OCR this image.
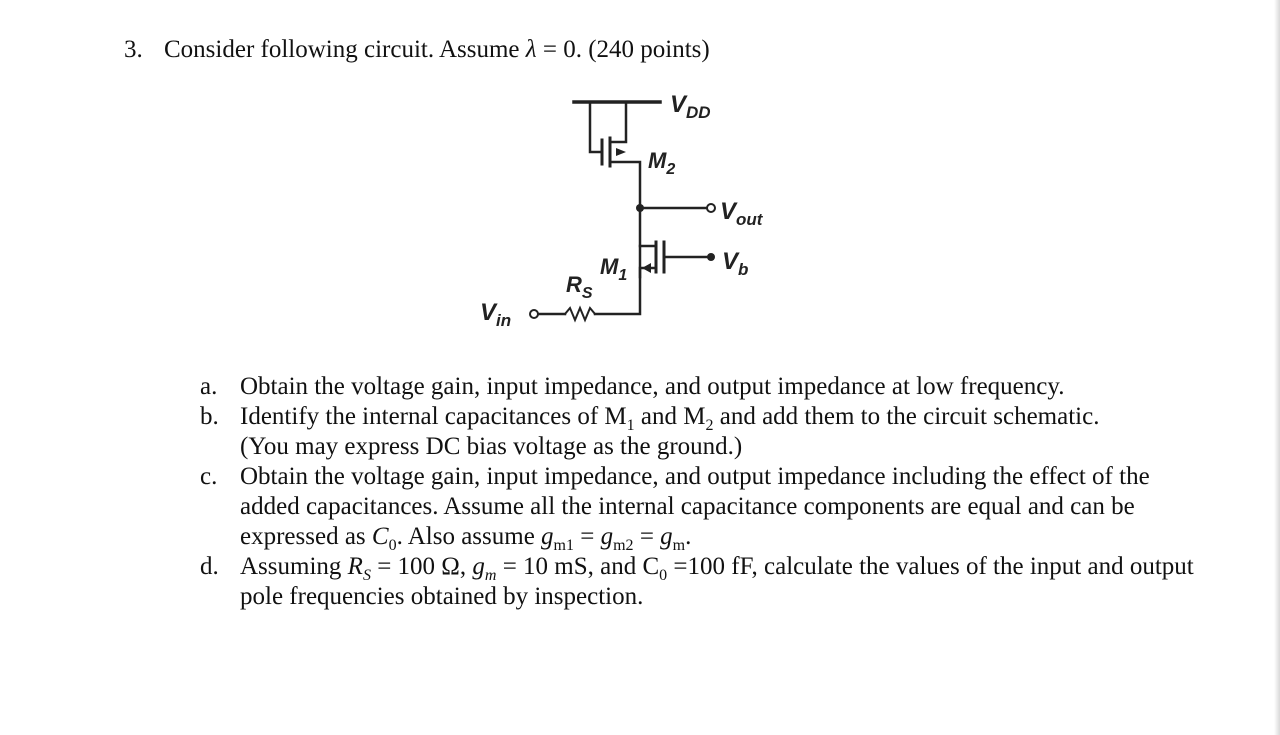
3. Consider following circuit. Assume λ = 0. (240 points)
$V_{DD}$
$M_2$
$V_{out}$
$M_1$
$V_b$
$R_S$
$V_{in}$
a. Obtain the voltage gain, input impedance, and output impedance at low frequency.
b. Identify the internal capacitances of $M_1$ and $M_2$ and add them to the circuit schematic.
(You may express DC bias voltage as the ground.)
c. Obtain the voltage gain, input impedance, and output impedance including the effect of the added capacitances. Assume all the internal capacitance components are equal and can be expressed as $C_0$. Also assume $g_{m1} = g_{m2} = g_m$.
d. Assuming $R_S = 100$ Ω, $g_m = 10$ mS, and $C_0 =100$ fF, calculate the values of the input and output pole frequencies obtained by inspection.
